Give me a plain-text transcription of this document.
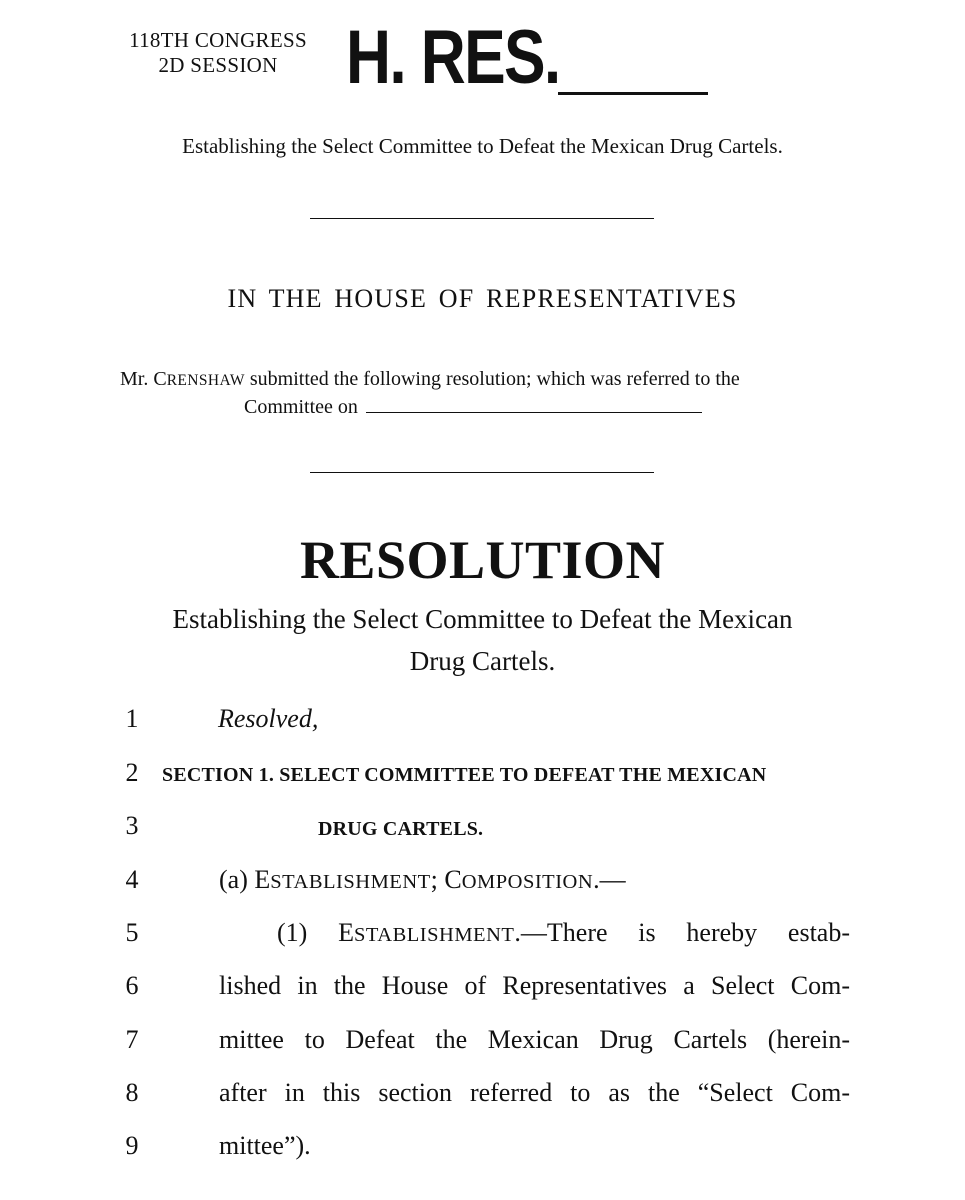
118TH CONGRESS
2D SESSION H. RES.
Establishing the Select Committee to Defeat the Mexican Drug Cartels.
IN THE HOUSE OF REPRESENTATIVES
Mr. CRENSHAW submitted the following resolution; which was referred to the
Committee on
RESOLUTION
Establishing the Select Committee to Defeat the Mexican
Drug Cartels.
1
2
3
4
5
6
7
8
9
Resolved,
SECTION 1. SELECT COMMITTEE TO DEFEAT THE MEXICAN
DRUG CARTELS.
(a) ESTABLISHMENT; COMPOSITION.—
(1) ESTABLISHMENT.—There is hereby estab-
lished in the House of Representatives a Select Com-
mittee to Defeat the Mexican Drug Cartels (herein-
after in this section referred to as the “Select Com-
mittee”).
